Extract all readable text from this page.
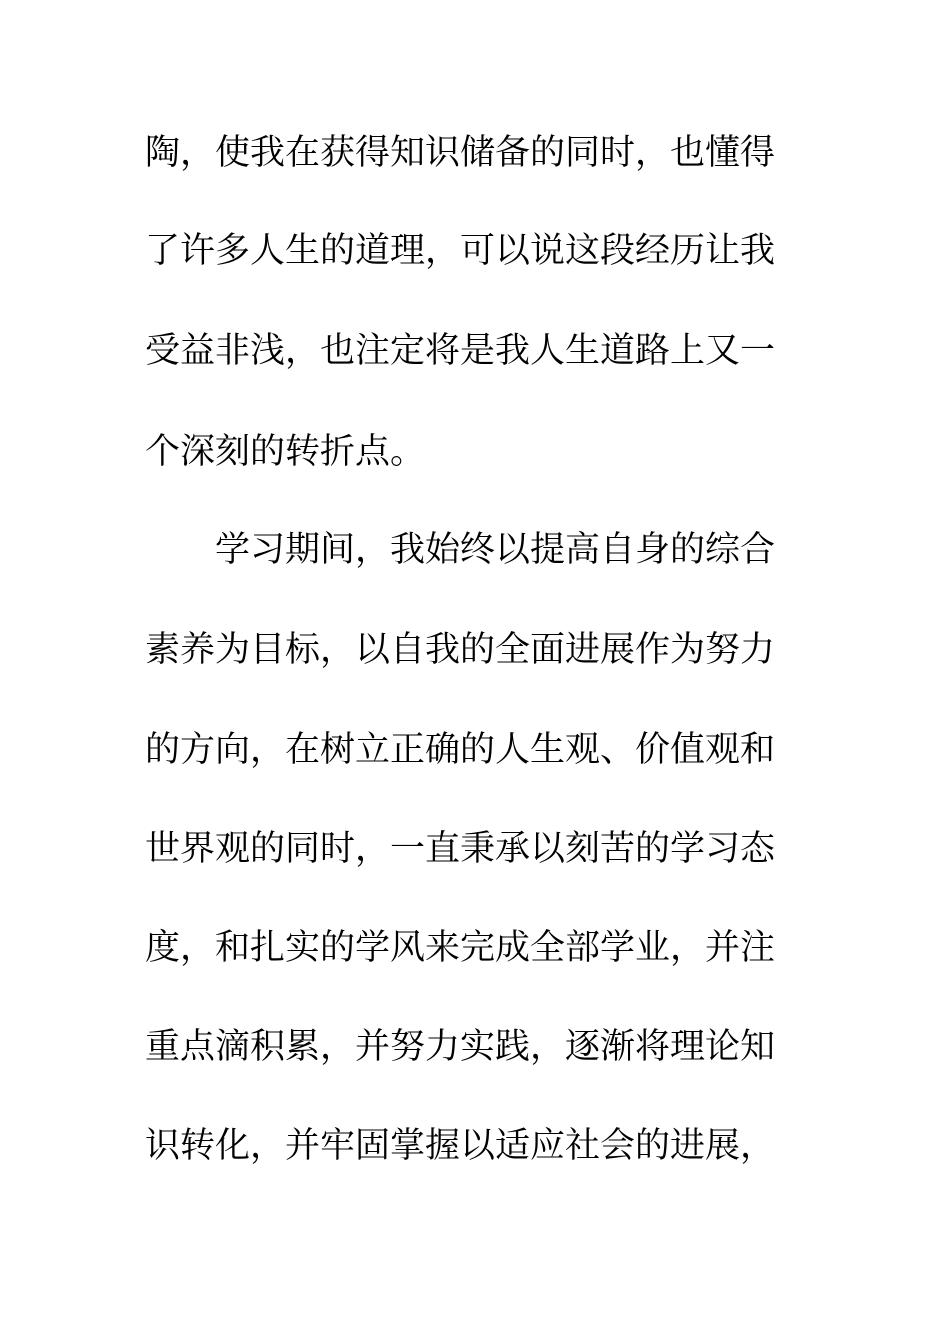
陶，使我在获得知识储备的同时，也懂得
了许多人生的道理，可以说这段经历让我
受益非浅，也注定将是我人生道路上又一
个深刻的转折点。
学习期间，我始终以提高自身的综合
素养为目标，以自我的全面进展作为努力
的方向，在树立正确的人生观、价值观和
世界观的同时，一直秉承以刻苦的学习态
度，和扎实的学风来完成全部学业，并注
重点滴积累，并努力实践，逐渐将理论知
识转化，并牢固掌握以适应社会的进展，
